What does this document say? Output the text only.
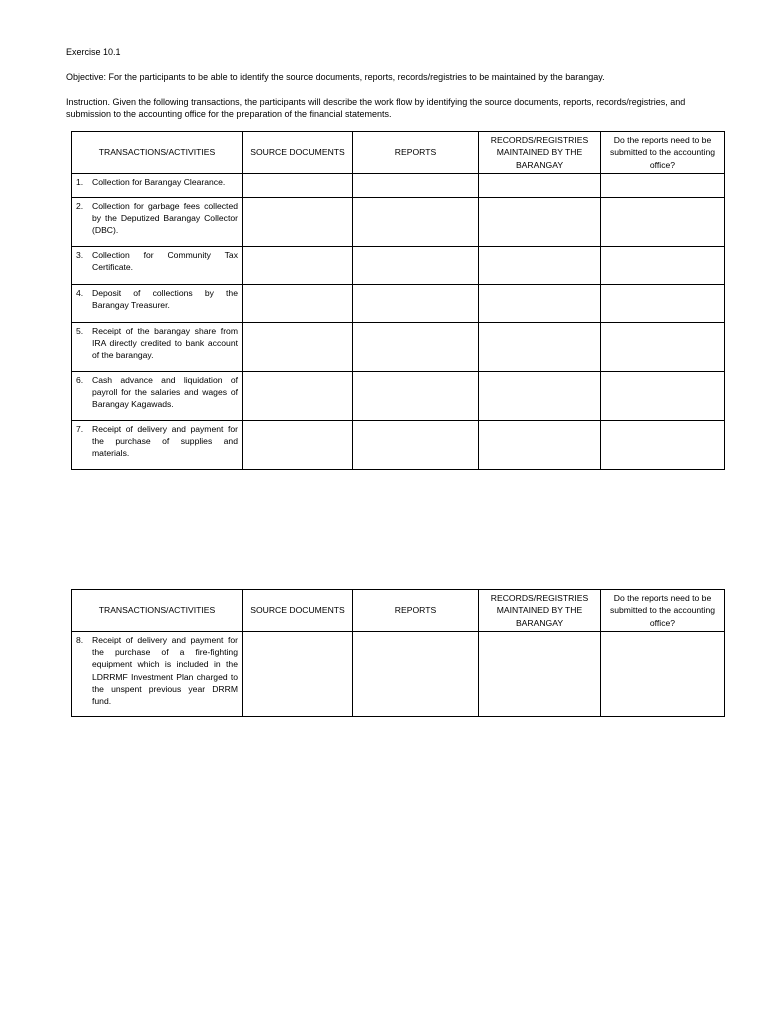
Exercise 10.1

Objective: For the participants to be able to identify the source documents, reports, records/registries to be maintained by the barangay.

Instruction. Given the following transactions, the participants will describe the work flow by identifying the source documents, reports, records/registries, and submission to the accounting office for the preparation of the financial statements.

TRANSACTIONS/ACTIVITIES	SOURCE DOCUMENTS	REPORTS	RECORDS/REGISTRIES MAINTAINED BY THE BARANGAY	Do the reports need to be submitted to the accounting office?

1. Collection for Barangay Clearance.				

2. Collection for garbage fees collected by the Deputized Barangay Collector (DBC).				

3. Collection for Community Tax Certificate.				

4. Deposit of collections by the Barangay Treasurer.				

5. Receipt of the barangay share from IRA directly credited to bank account of the barangay.				

6. Cash advance and liquidation of payroll for the salaries and wages of Barangay Kagawads.				

7. Receipt of delivery and payment for the purchase of supplies and materials.				

TRANSACTIONS/ACTIVITIES	SOURCE DOCUMENTS	REPORTS	RECORDS/REGISTRIES MAINTAINED BY THE BARANGAY	Do the reports need to be submitted to the accounting office?

8. Receipt of delivery and payment for the purchase of a fire-fighting equipment which is included in the LDRRMF Investment Plan charged to the unspent previous year DRRM fund.				
